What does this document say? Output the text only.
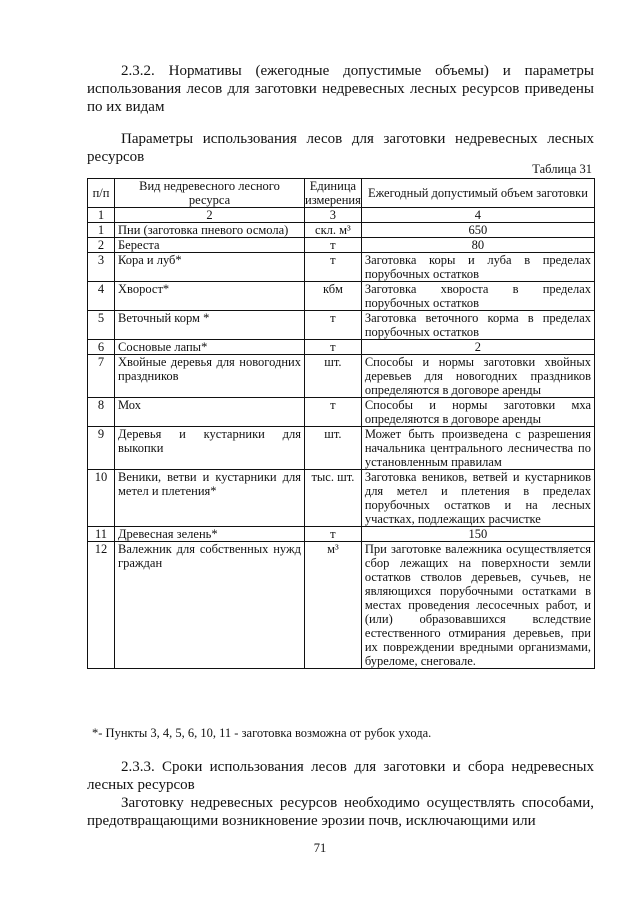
2.3.2. Нормативы (ежегодные допустимые объемы) и параметры использования лесов для заготовки недревесных лесных ресурсов приведены по их видам

Параметры использования лесов для заготовки недревесных лесных ресурсов

Таблица 31
п/п	Вид недревесного лесного ресурса	Единица измерения	Ежегодный допустимый объем заготовки
1	2	3	4
1	Пни (заготовка пневого осмола)	скл. м³	650
2	Береста	т	80
3	Кора и луб*	т	Заготовка коры и луба в пределах порубочных остатков
4	Хворост*	кбм	Заготовка хвороста в пределах порубочных остатков
5	Веточный корм *	т	Заготовка веточного корма в пределах порубочных остатков
6	Сосновые лапы*	т	2
7	Хвойные деревья для новогодних праздников	шт.	Способы и нормы заготовки хвойных деревьев для новогодних праздников определяются в договоре аренды
8	Мох	т	Способы и нормы заготовки мха определяются в договоре аренды
9	Деревья и кустарники для выкопки	шт.	Может быть произведена с разрешения начальника центрального лесничества по установленным правилам
10	Веники, ветви и кустарники для метел и плетения*	тыс. шт.	Заготовка веников, ветвей и кустарников для метел и плетения в пределах порубочных остатков и на лесных участках, подлежащих расчистке
11	Древесная зелень*	т	150
12	Валежник для собственных нужд граждан	м³	При заготовке валежника осуществляется сбор лежащих на поверхности земли остатков стволов деревьев, сучьев, не являющихся порубочными остатками в местах проведения лесосечных работ, и (или) образовавшихся вследствие естественного отмирания деревьев, при их повреждении вредными организмами, буреломе, снеговале.
*- Пункты 3, 4, 5, 6, 10, 11 - заготовка возможна от рубок ухода.

2.3.3. Сроки использования лесов для заготовки и сбора недревесных лесных ресурсов

Заготовку недревесных ресурсов необходимо осуществлять способами, предотвращающими возникновение эрозии почв, исключающими или

71
